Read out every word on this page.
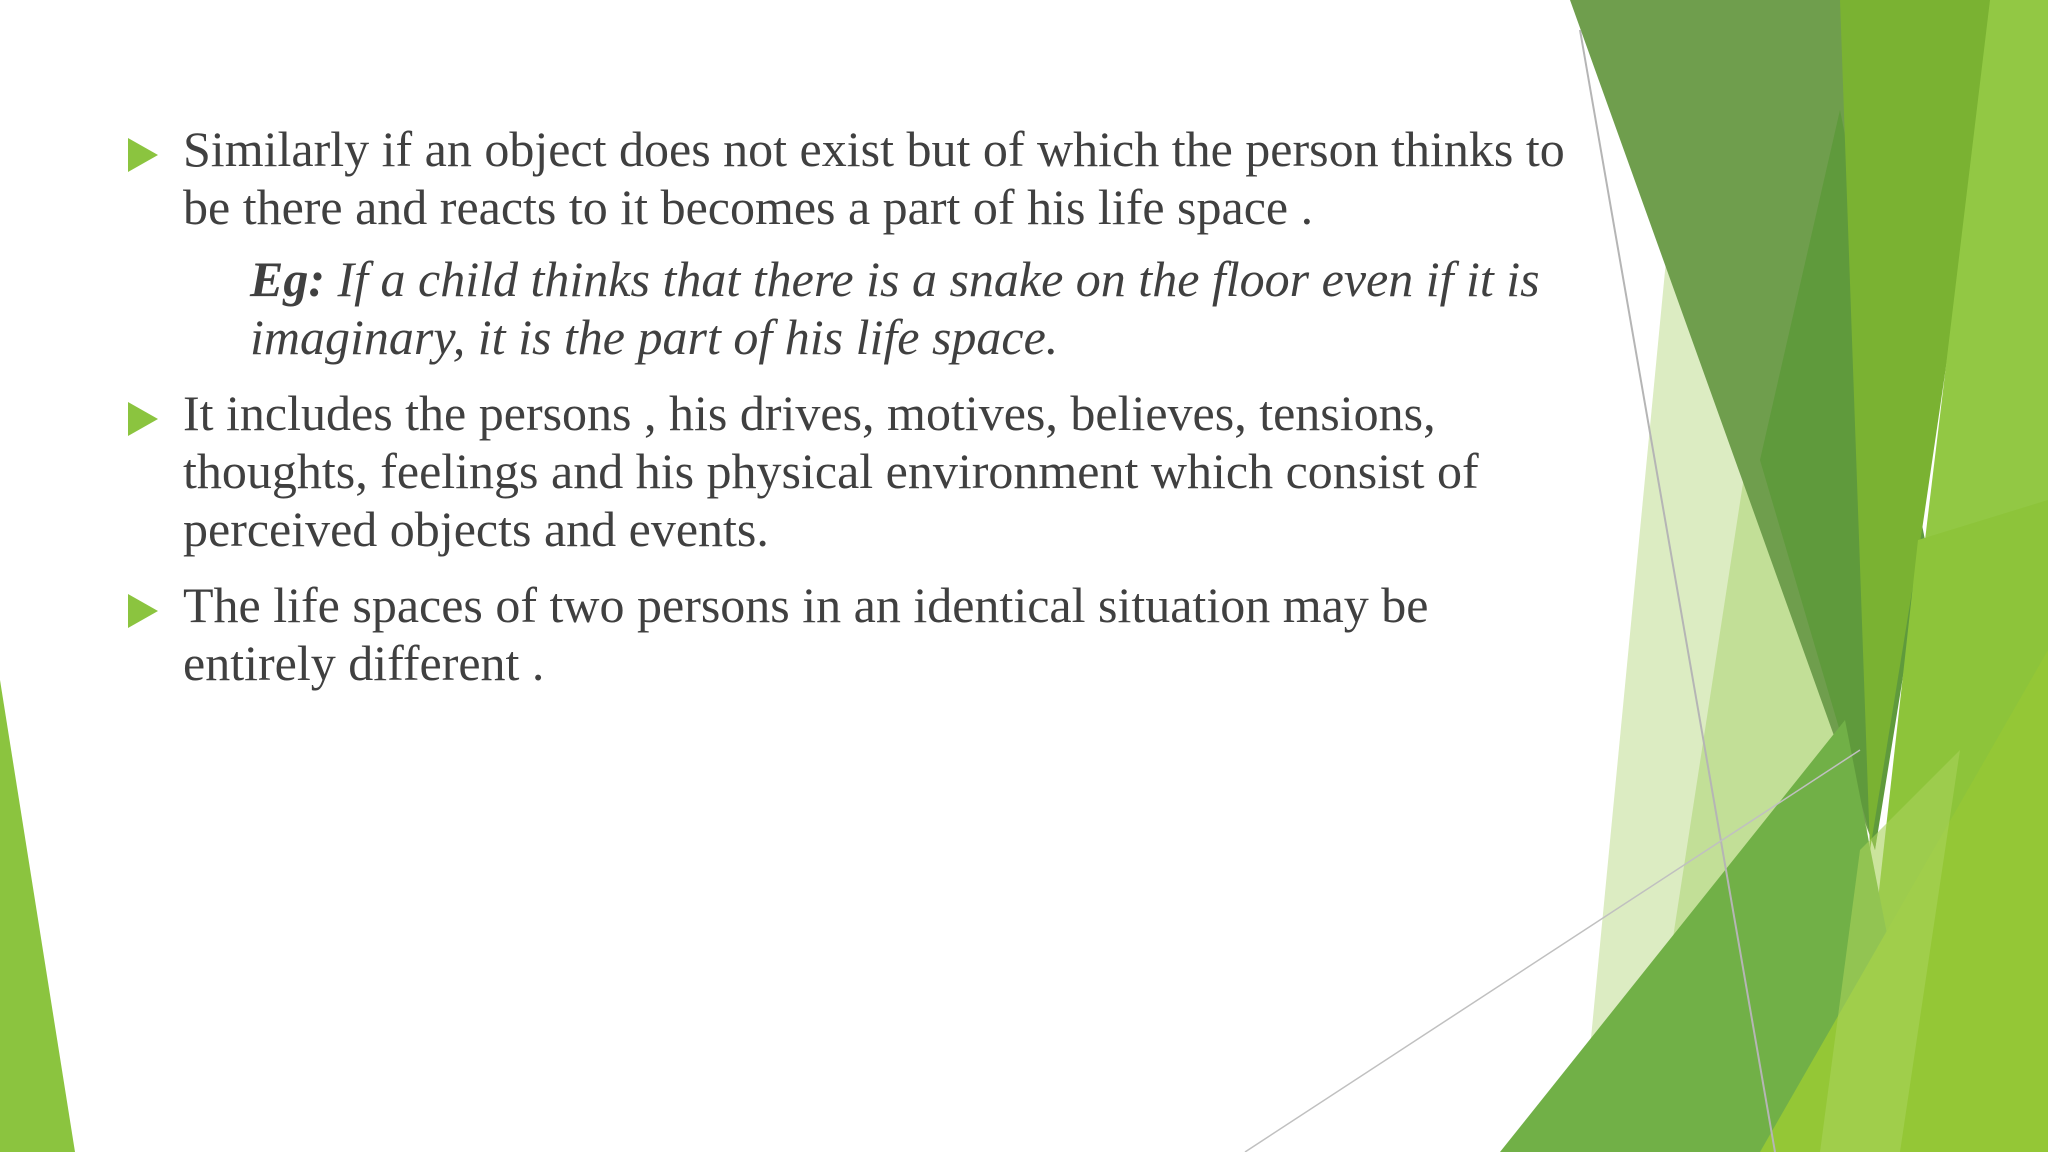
Similarly if an object does not exist but of which the person thinks to be there and reacts to it becomes a part of his life space .

Eg: If a child thinks that there is a snake on the floor even if it is imaginary, it is the part of his life space.

It includes the persons , his drives, motives, believes, tensions, thoughts, feelings and his physical environment which consist of perceived objects and events.

The life spaces of two persons in an identical situation may be entirely different .
